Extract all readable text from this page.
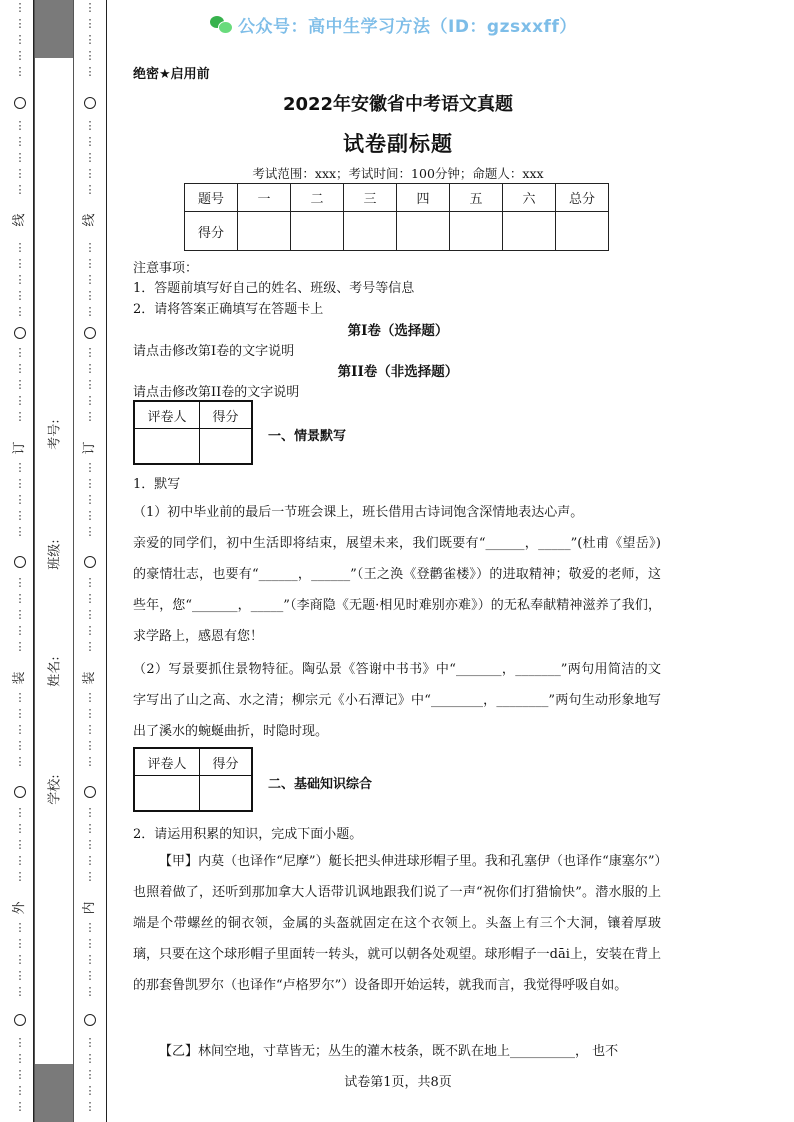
⋮
⋮
⋮
⋮
⋮
⋮
⋮
⋮
⋮
⋮
⋮
⋮
⋮
⋮
⋮
⋮
⋮
⋮
⋮
⋮
⋮
⋮
⋮
⋮
⋮
⋮
⋮
⋮
⋮
⋮
⋮
⋮
⋮
⋮
⋮
⋮
⋮
⋮
⋮
⋮
⋮
⋮
⋮
⋮
⋮
⋮
⋮
⋮
⋮
⋮
线
订
装
外
⋮
⋮
⋮
⋮
⋮
⋮
⋮
⋮
⋮
⋮
⋮
⋮
⋮
⋮
⋮
⋮
⋮
⋮
⋮
⋮
⋮
⋮
⋮
⋮
⋮
⋮
⋮
⋮
⋮
⋮
⋮
⋮
⋮
⋮
⋮
⋮
⋮
⋮
⋮
⋮
⋮
⋮
⋮
⋮
⋮
⋮
⋮
⋮
⋮
⋮
线
订
装
内
考号:
班级:
姓名:
学校:
公众号：高中生学习方法（ID：gzsxxff）
绝密★启用前
2022年安徽省中考语文真题
试卷副标题
考试范围：xxx；考试时间：100分钟；命题人：xxx
题号	一	二	三	四	五	六	总分
得分							
注意事项：
1．答题前填写好自己的姓名、班级、考号等信息
2．请将答案正确填写在答题卡上
第I卷（选择题）
请点击修改第I卷的文字说明
第II卷（非选择题）
请点击修改第II卷的文字说明
评卷人	得分

一、情景默写
1．默写
（1）初中毕业前的最后一节班会课上，班长借用古诗词饱含深情地表达心声。
亲爱的同学们，初中生活即将结束，展望未来，我们既要有“______，_____”(杜甫《望岳》)的豪情壮志，也要有“______，______”（王之涣《登鹳雀楼》）的进取精神；敬爱的老师，这些年，您“_______，_____”（李商隐《无题·相见时难别亦难》）的无私奉献精神滋养了我们，求学路上，感恩有您！
（2）写景要抓住景物特征。陶弘景《答谢中书书》中“_______，_______”两句用简洁的文字写出了山之高、水之清；柳宗元《小石潭记》中“________，________”两句生动形象地写出了溪水的蜿蜒曲折，时隐时现。
评卷人	得分

二、基础知识综合
2．请运用积累的知识，完成下面小题。
【甲】内莫（也译作“尼摩”）艇长把头伸进球形帽子里。我和孔塞伊（也译作“康塞尔”）也照着做了，还听到那加拿大人语带讥讽地跟我们说了一声“祝你们打猎愉快”。潜水服的上端是个带螺丝的铜衣领，金属的头盔就固定在这个衣领上。头盔上有三个大洞，镶着厚玻璃，只要在这个球形帽子里面转一转头，就可以朝各处观望。球形帽子一dāi上，安装在背上的那套鲁凯罗尔（也译作“卢格罗尔”）设备即开始运转，就我而言，我觉得呼吸自如。
【乙】林间空地，寸草皆无；丛生的灌木枝条，既不趴在地上__________， 也不
试卷第1页，共8页
